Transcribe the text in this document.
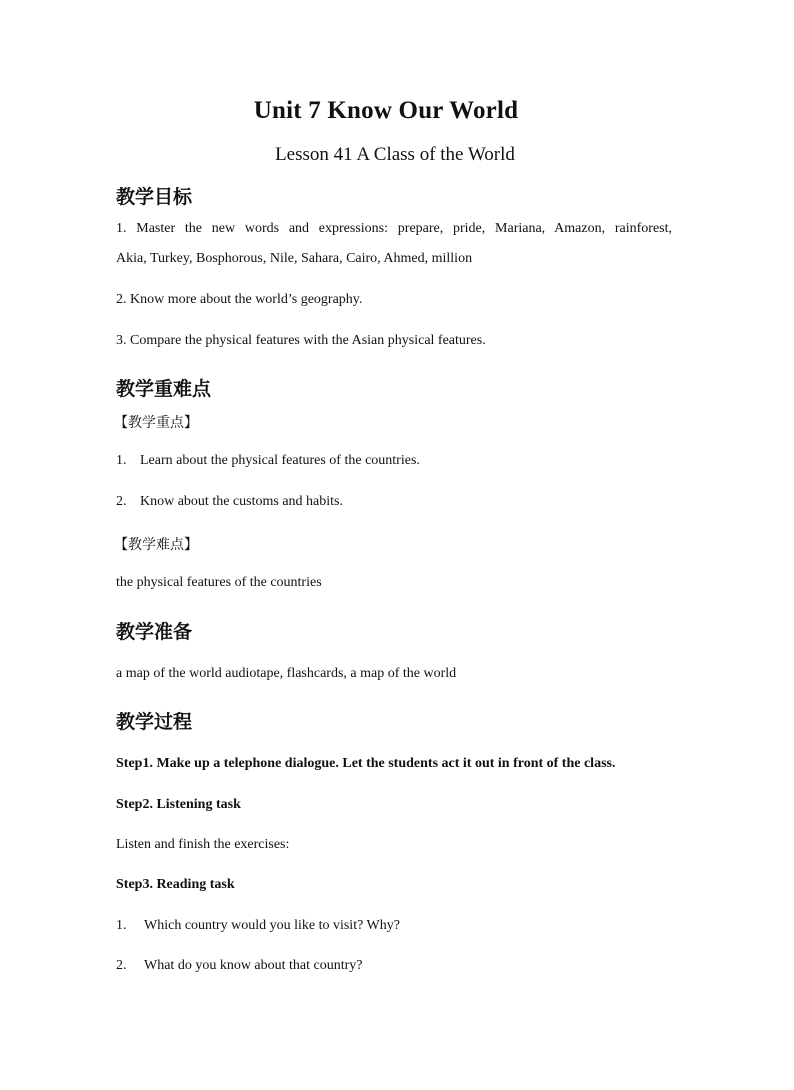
Unit 7 Know Our World
Lesson 41 A Class of the World
教学目标
1. Master the new words and expressions: prepare, pride, Mariana, Amazon, rainforest,
Akia, Turkey, Bosphorous, Nile, Sahara, Cairo, Ahmed, million
2. Know more about the world’s geography.
3. Compare the physical features with the Asian physical features.
教学重难点
【教学重点】
1. Learn about the physical features of the countries.
2. Know about the customs and habits.
【教学难点】
the physical features of the countries
教学准备
a map of the world audiotape, flashcards, a map of the world
教学过程
Step1. Make up a telephone dialogue. Let the students act it out in front of the class.
Step2. Listening task
Listen and finish the exercises:
Step3. Reading task
1. Which country would you like to visit? Why?
2. What do you know about that country?
